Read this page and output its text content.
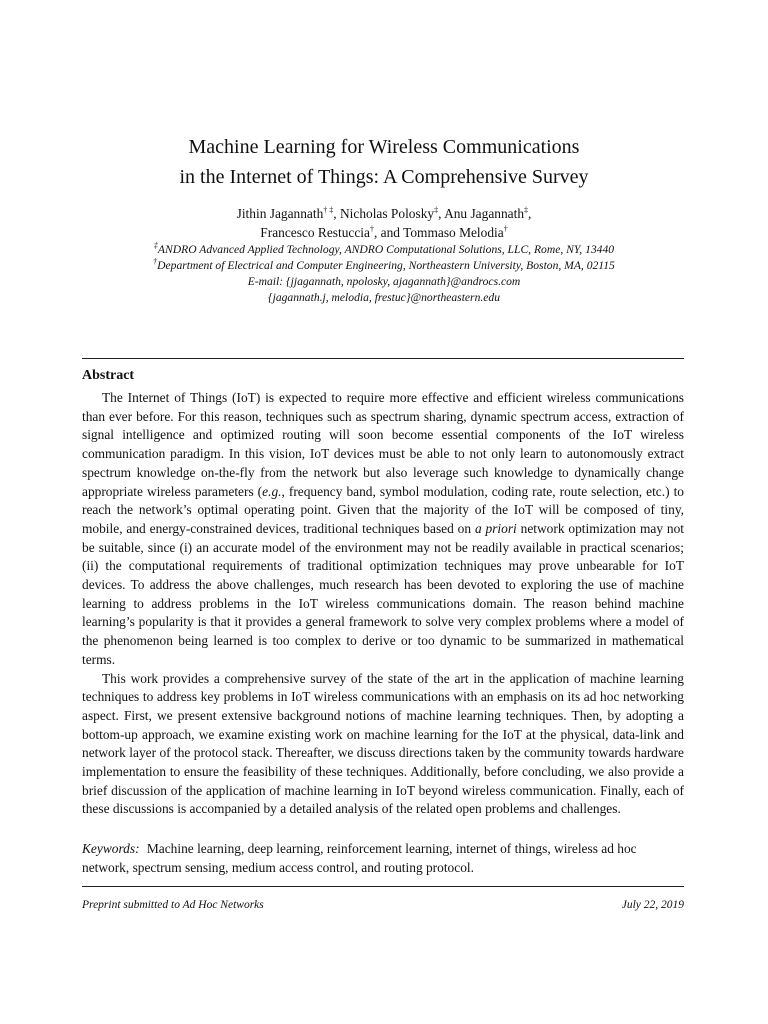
Machine Learning for Wireless Communications
in the Internet of Things: A Comprehensive Survey
Jithin Jagannath† ‡, Nicholas Polosky‡, Anu Jagannath‡,
Francesco Restuccia†, and Tommaso Melodia†
‡ANDRO Advanced Applied Technology, ANDRO Computational Solutions, LLC, Rome, NY, 13440
†Department of Electrical and Computer Engineering, Northeastern University, Boston, MA, 02115
E-mail: {jjagannath, npolosky, ajagannath}@androcs.com
{jagannath.j, melodia, frestuc}@northeastern.edu
Abstract

The Internet of Things (IoT) is expected to require more effective and efficient wireless communications than ever before. For this reason, techniques such as spectrum sharing, dynamic spectrum access, extraction of signal intelligence and optimized routing will soon become essential components of the IoT wireless communication paradigm. In this vision, IoT devices must be able to not only learn to autonomously extract spectrum knowledge on-the-fly from the network but also leverage such knowledge to dynamically change appropriate wireless parameters (e.g., frequency band, symbol modulation, coding rate, route selection, etc.) to reach the network’s optimal operating point. Given that the majority of the IoT will be composed of tiny, mobile, and energy-constrained devices, traditional techniques based on a priori network optimization may not be suitable, since (i) an accurate model of the environment may not be readily available in practical scenarios; (ii) the computational requirements of traditional optimization techniques may prove unbearable for IoT devices. To address the above challenges, much research has been devoted to exploring the use of machine learning to address problems in the IoT wireless communications domain. The reason behind machine learning’s popularity is that it provides a general framework to solve very complex problems where a model of the phenomenon being learned is too complex to derive or too dynamic to be summarized in mathematical terms.

This work provides a comprehensive survey of the state of the art in the application of machine learning techniques to address key problems in IoT wireless communications with an emphasis on its ad hoc networking aspect. First, we present extensive background notions of machine learning techniques. Then, by adopting a bottom-up approach, we examine existing work on machine learning for the IoT at the physical, data-link and network layer of the protocol stack. Thereafter, we discuss directions taken by the community towards hardware implementation to ensure the feasibility of these techniques. Additionally, before concluding, we also provide a brief discussion of the application of machine learning in IoT beyond wireless communication. Finally, each of these discussions is accompanied by a detailed analysis of the related open problems and challenges.

Keywords: Machine learning, deep learning, reinforcement learning, internet of things, wireless ad hoc network, spectrum sensing, medium access control, and routing protocol.
Preprint submitted to Ad Hoc Networks	July 22, 2019
